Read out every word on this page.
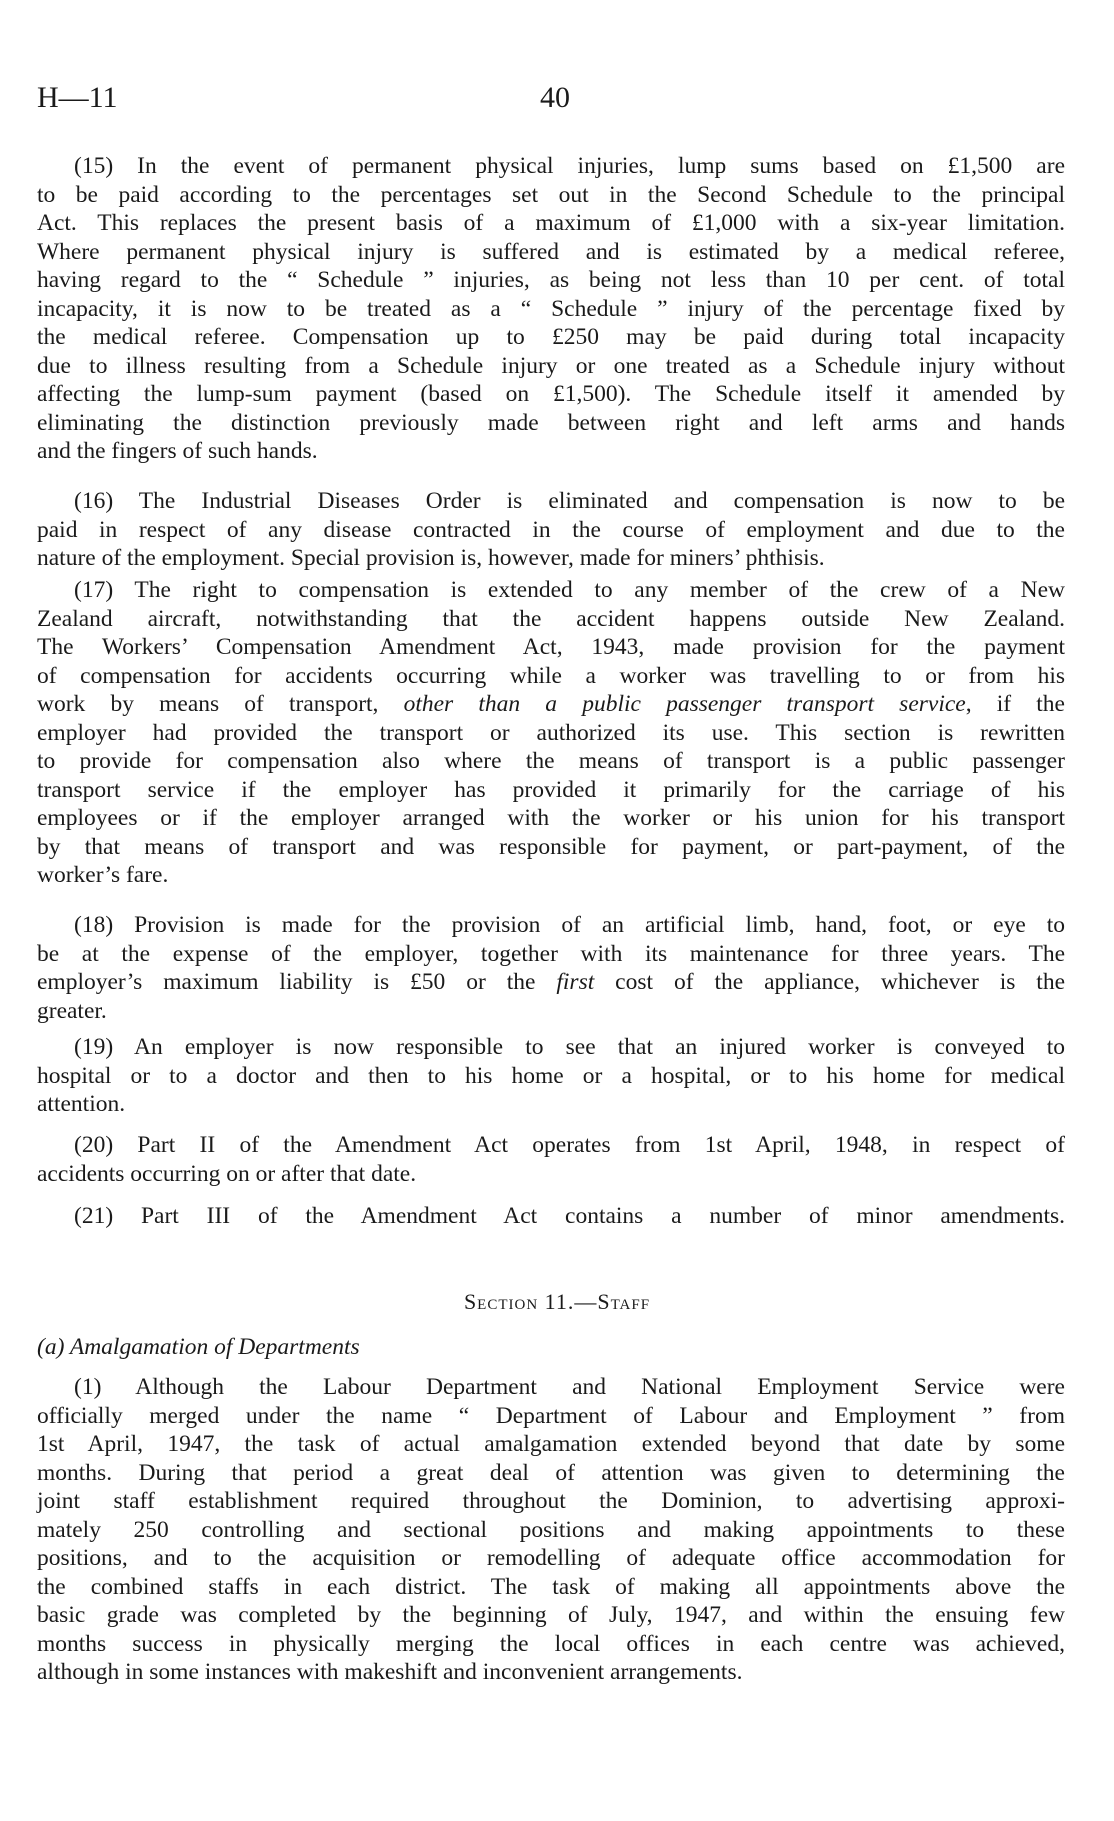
H—11	40
(15) In the event of permanent physical injuries, lump sums based on £1,500 are
to be paid according to the percentages set out in the Second Schedule to the principal
Act. This replaces the present basis of a maximum of £1,000 with a six-year limitation.
Where permanent physical injury is suffered and is estimated by a medical referee,
having regard to the “ Schedule ” injuries, as being not less than 10 per cent. of total
incapacity, it is now to be treated as a “ Schedule ” injury of the percentage fixed by
the medical referee. Compensation up to £250 may be paid during total incapacity
due to illness resulting from a Schedule injury or one treated as a Schedule injury without
affecting the lump-sum payment (based on £1,500). The Schedule itself it amended by
eliminating the distinction previously made between right and left arms and hands
and the fingers of such hands.
(16) The Industrial Diseases Order is eliminated and compensation is now to be
paid in respect of any disease contracted in the course of employment and due to the
nature of the employment. Special provision is, however, made for miners’ phthisis.
(17) The right to compensation is extended to any member of the crew of a New
Zealand aircraft, notwithstanding that the accident happens outside New Zealand.
The Workers’ Compensation Amendment Act, 1943, made provision for the payment
of compensation for accidents occurring while a worker was travelling to or from his
work by means of transport, other than a public passenger transport service, if the
employer had provided the transport or authorized its use. This section is rewritten
to provide for compensation also where the means of transport is a public passenger
transport service if the employer has provided it primarily for the carriage of his
employees or if the employer arranged with the worker or his union for his transport
by that means of transport and was responsible for payment, or part-payment, of the
worker’s fare.
(18) Provision is made for the provision of an artificial limb, hand, foot, or eye to
be at the expense of the employer, together with its maintenance for three years. The
employer’s maximum liability is £50 or the first cost of the appliance, whichever is the
greater.
(19) An employer is now responsible to see that an injured worker is conveyed to
hospital or to a doctor and then to his home or a hospital, or to his home for medical
attention.
(20) Part II of the Amendment Act operates from 1st April, 1948, in respect of
accidents occurring on or after that date.
(21) Part III of the Amendment Act contains a number of minor amendments.
Section 11.—Staff
(a) Amalgamation of Departments
(1) Although the Labour Department and National Employment Service were
officially merged under the name “ Department of Labour and Employment ” from
1st April, 1947, the task of actual amalgamation extended beyond that date by some
months. During that period a great deal of attention was given to determining the
joint staff establishment required throughout the Dominion, to advertising approxi-
mately 250 controlling and sectional positions and making appointments to these
positions, and to the acquisition or remodelling of adequate office accommodation for
the combined staffs in each district. The task of making all appointments above the
basic grade was completed by the beginning of July, 1947, and within the ensuing few
months success in physically merging the local offices in each centre was achieved,
although in some instances with makeshift and inconvenient arrangements.
